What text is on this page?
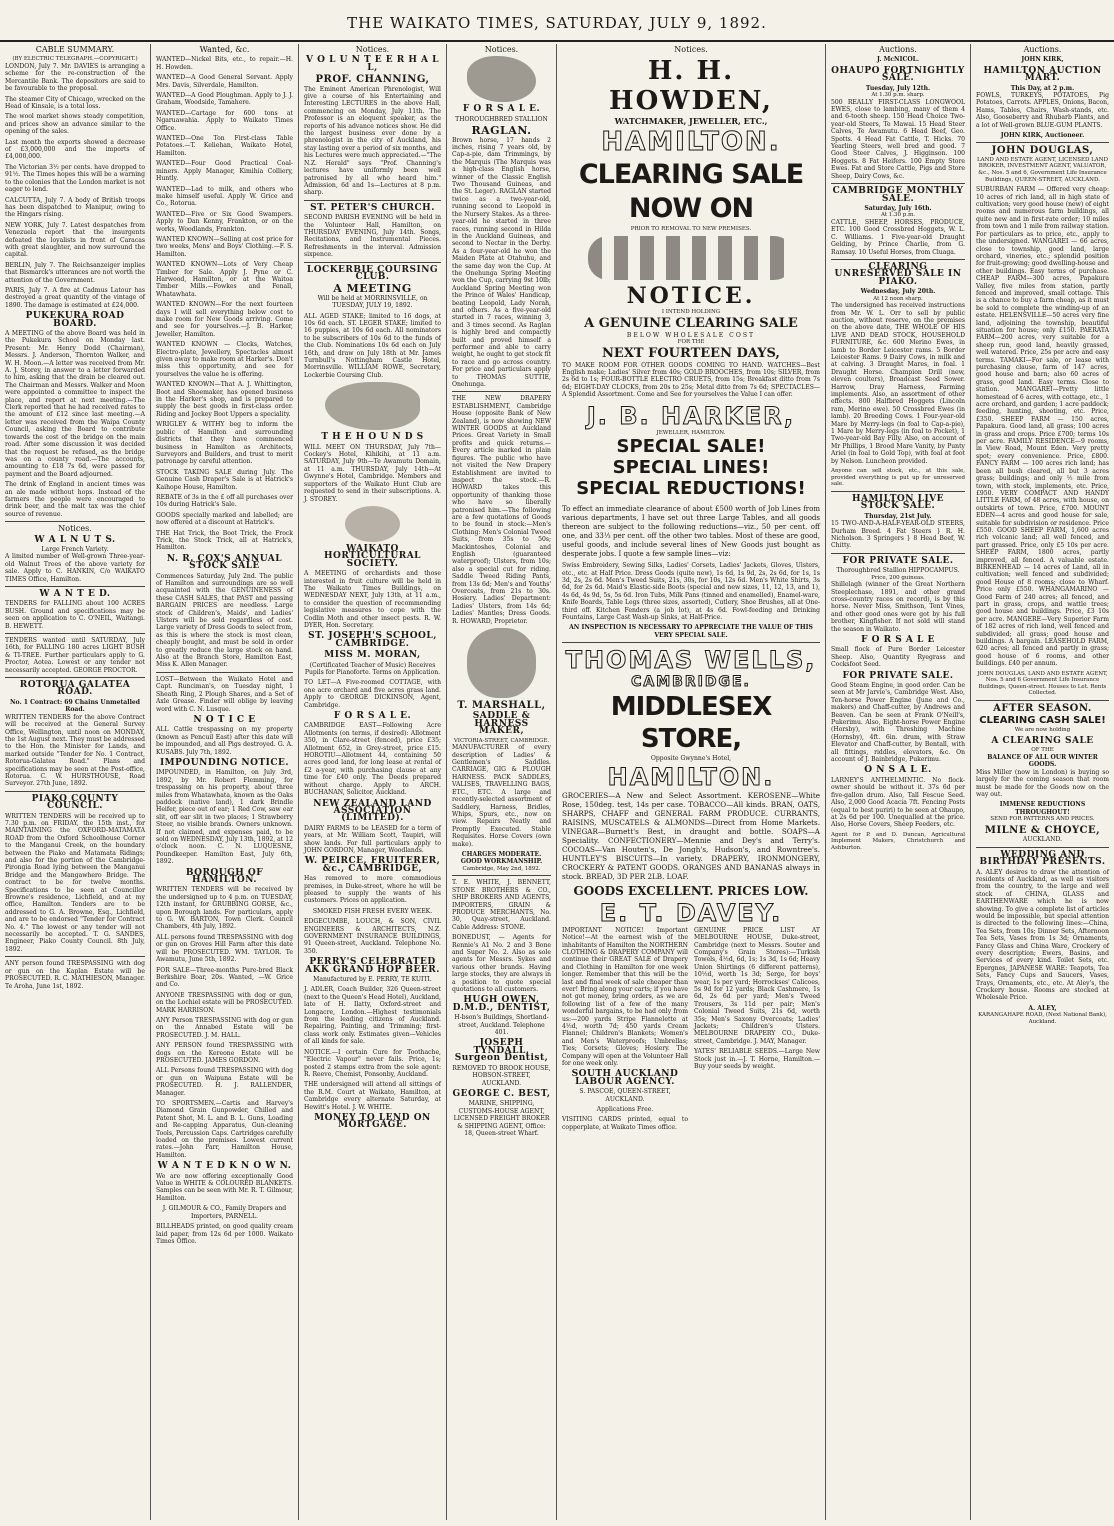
THE WAIKATO TIMES, SATURDAY, JULY 9, 1892.
CABLE SUMMARY.
(BY ELECTRIC TELEGRAPH.—COPYRIGHT.)

LONDON, July 7. Mr. DAVIES is arranging a scheme for the re-construction of the Mercantile Bank. The depositors are said to be favourable to the proposal.

The steamer City of Chicago, wrecked on the Head of Kinsale, is a total loss.

The wool market shows steady competition, and prices show an advance similar to the opening of the sales.

Last month the exports showed a decrease of £3,000,000 and the imports of £4,000,000.

The Victorian 3½ per cents. have dropped to 91½. The Times hopes this will be a warning to the colonies that the London market is not eager to lend.

CALCUTTA, July 7. A body of British troops has been dispatched to Manipur, owing to the Hingars rising.

NEW YORK, July 7. Latest despatches from Venezuela report that the insurgents defeated the loyalists in front of Caracas with great slaughter, and now surround the capital.

BERLIN, July 7. The Reichsanzeiger implies that Bismarck's utterances are not worth the attention of the Government.

PARIS, July 7. A fire at Cadmus Latour has destroyed a great quantity of the vintage of 1890. The damage is estimated at £24,000.

PUKEKURA ROAD BOARD.

A MEETING of the above Board was held in the Pukekura School on Monday last. Present: Mr. Henry Dodd (Chairman), Messrs. J. Anderson, Thornton Walker, and W. H. Moon.—A letter was received from Mr. A. J. Storey, in answer to a letter forwarded to him, asking that the drain be cleared out. The Chairman and Messrs. Walker and Moon were appointed a committee to inspect the place, and report at next meeting.—The Clerk reported that he had received rates to the amount of £12 since last meeting.—A letter was received from the Waipa County Council, asking the Board to contribute towards the cost of the bridge on the main road. After some discussion it was decided that the request be refused, as the bridge was on a county road.—The accounts, amounting to £18 7s 6d, were passed for payment and the Board adjourned.

The drink of England in ancient times was an ale made without hops. Instead of the farmers the people were encouraged to drink beer, and the malt tax was the chief source of revenue.

Notices.
W A L N U T S.
Large French Variety.

A limited number of Well-grown Three-year-old Walnut Trees of the above variety for sale. Apply to C. HANKIN, C/o WAIKATO TIMES Office, Hamilton.

W A N T E D.

TENDERS for FALLING about 100 ACRES BUSH. Ground and specifications may be seen on application to C. O'NEIL, Waitangi. B. HEWETT.

TENDERS wanted until SATURDAY, July 16th, for FALLING 180 acres LIGHT BUSH & TI-TREE. Further particulars apply to G. Proctor, Aotea. Lowest or any tender not necessarily accepted. GEORGE PROCTOR.

ROTORUA GALATEA ROAD.
No. 1 Contract: 69 Chains Unmetalled Road.

WRITTEN TENDERS for the above Contract will be received at the General Survey Office, Wellington, until noon on MONDAY, the 1st August next. They must be addressed to the Hon. the Minister for Lands, and marked outside "Tender for No. 1 Contract, Rotorua-Galatea Road." Plans and specifications may be seen at the Post-office, Rotorua. C. W. HURSTHOUSE, Road Surveyor. 27th June, 1892.

PIAKO COUNTY COUNCIL.

WRITTEN TENDERS will be received up to 7.30 p.m. on FRIDAY, the 15th inst., for MAINTAINING the OXFORD-MATAMATA ROAD from the Oxford Schoolhouse Corner to the Manganui Creek, on the boundary between the Piako and Matamata Ridings; and also for the portion of the Cambridge-Pirongia Road lying between the Manganui Bridge and the Mangawhero Bridge. The contract to be for twelve months. Specifications to be seen at Councillor Browne's residence, Lichfield, and at my office, Hamilton. Tenders are to be addressed to G. A. Browne, Esq., Lichfield, and are to be endorsed "Tender for Contract No. 4." The lowest or any tender will not necessarily be accepted. T. G. SANDES, Engineer, Piako County Council. 8th July, 1892.

ANY person found TRESPASSING with dog or gun on the Kaplan Estate will be PROSECUTED. R. C. MATHIESON, Manager. Te Aroha, June 1st, 1892.

Wanted, &c.

WANTED—Nickel Bits, etc., to repair.—H. H. Howden.

WANTED—A Good General Servant. Apply Mrs. Davis, Silverdale, Hamilton.

WANTED—A Good Ploughman. Apply to J. J. Graham, Woodside, Tamahere.

WANTED—Cartage for 600 tons at Ngaruawahia. Apply to Waikato Times Office.

WANTED—One Ton First-class Table Potatoes.—T. Keliehan, Waikato Hotel, Hamilton.

WANTED—Four Good Practical Coal-miners. Apply Manager, Kimihia Colliery, Huntly.

WANTED—Lad to milk, and others who make himself useful. Apply W. Grice and Co., Rotorua.

WANTED—Five or Six Good Swampers. Apply to Dan Kenny, Frankton, or on the works, Woodlands, Frankton.

WANTED KNOWN—Selling at cost price for two weeks, Mens' and Boys' Clothing.—F. S. Hamilton.

WANTED KNOWN—Lots of Very Cheap Timber for Sale. Apply J. Pyne or C. Harwood, Hamilton, or at the Waitoa Timber Mills.—Fowkes and Fenall, Whatawhata.

WANTED KNOWN—For the next fourteen days I will sell everything below cost to make room for New Goods arriving. Come and see for yourselves.—J. B. Harker, Jeweller, Hamilton.

WANTED KNOWN — Clocks, Watches, Electro-plate, Jewellery, Spectacles almost given away to make room at Harker's. Don't miss this opportunity, and see for yourselves the value he is offering.

WANTED KNOWN—That A. J. Whittington, Boot and Shoemaker, has opened business in the Harker's shop, and is prepared to supply the best goods in first-class order. Riding and Jockey Boot Uppers a speciality.

WRIGLEY & WITHY beg to inform the public of Hamilton and surrounding districts that they have commenced business in Hamilton as Architects, Surveyors and Builders, and trust to merit patronage by careful attention.

STOCK TAKING SALE during July. The Genuine Cash Draper's Sale is at Hatrick's Kaihope House, Hamilton.

REBATE of 3s in the £ off all purchases over 10s during Hatrick's Sale.

GOODS specially marked and labelled; are now offered at a discount at Hatrick's.

THE Hat Trick, the Boot Trick, the Frock Trick, the Stock Trick, all at Hatrick's, Hamilton.

N. R. COX'S ANNUAL STOCK SALE

Commences Saturday, July 2nd. The public of Hamilton and surroundings are so well acquainted with the GENUINENESS of these CASH SALES, that PAST and passing BARGAIN PRICES are needless. Large stock of Children's, Maids', and Ladies' Ulsters will be sold regardless of cost. Large variety of Dress Goods to select from, as this is where the stock is most clean, cheaply bought, and must be sold in order to greatly reduce the large stock on hand. Also at the Branch Store, Hamilton East, Miss K. Allen Manager.

LOST—Between the Waikato Hotel and Capt. Runciman's, on Tuesday night, 1 Sheath Ring, 2 Plough Shares, and a Set of Axle Grease. Finder will oblige by leaving word with C. N. Lusque.

N O T I C E

ALL Cattle trespassing on my property (known as Pencuil East) after this date will be impounded, and all Pigs destroyed. G. A. KUSABS. July 7th, 1892.

IMPOUNDING NOTICE.

IMPOUNDED, in Hamilton, on July 3rd, 1892, by Mr. Robert Flemming, for trespassing on his property, about three miles from Whatawhata, known as the Oaks paddock (native land), 1 dark Brindle Heifer, piece out of ear; 1 Red Cow, saw ear slit, off ear slit in two places; 1 Strawberry Steer, no visible brands. Owners unknown. If not claimed, and expenses paid, to be sold on WEDNESDAY, July 13th, 1892, at 12 o'clock noon. C. N. LUQUESNE, Poundkeeper. Hamilton East, July 6th, 1892.

BOROUGH OF HAMILTON.

WRITTEN TENDERS will be received by the undersigned up to 4 p.m. on TUESDAY, 12th instant, for GRUBBING GORSE, &c., upon Borough lands. For particulars, apply to G. W. BARTON, Town Clerk. Council Chambers, 4th July, 1892.

ALL persons found TRESPASSING with dog or gun on Groves Hill Farm after this date will be PROSECUTED. WM. TAYLOR. Te Awamutu, June 5th, 1892.

FOR SALE—Three-months Pure-bred Black Berkshire Boar, 20s. Wanted, —W. Grice and Co.

ANYONE TRESPASSING with dog or gun, on the Lochiel estate will be PROSECUTED. MARK HARRISON.

ANY Person TRESPASSING with dog or gun on the Annabed Estate will be PROSECUTED. J. M. HALL.

ANY PERSON found TRESPASSING with dogs on the Kereone Estate will be PROSECUTED. JAMES GORDON.

ALL Persons found TRESPASSING with dog or gun on Waipuna Estate will be PROSECUTED. H. J. RALLENDER, Manager.

TO SPORTSMEN.—Cartis and Harvey's Diamond Grain Gunpowder, Chilled and Patent Shot, M. L. and B. L. Guns, Loading and Re-capping Apparatus, Gun-cleaning Tools, Percussion Caps. Cartridges carefully loaded on the premises. Lowest current rates.—John Parr, Hamilton House, Hamilton.

W A N T E D K N O W N.

We are now offering exceptionally Good Value in WHITE & COLOURED BLANKETS. Samples can be seen with Mr. R. T. Gilmour, Hamilton.

J. GILMOUR & CO., Family Drapers and Importers, PARNELL.

BILLHEADS printed, on good quality cream laid paper, from 12s 6d per 1000. Waikato Times Office.

Notices.
V O L U N T E E R H A L L,
PROF. CHANNING,

The Eminent American Phrenologist, Will give a course of his Entertaining and Interesting LECTURES in the above Hall, commencing on Monday, July 11th. The Professor is an eloquent speaker, as the reports of his advance notices show. He did the largest business ever done by a phrenologist in the city of Auckland, his stay lasting over a period of six months, and his Lectures were much appreciated.—"The N.Z. Herald" says "Prof. Channing's lectures have uniformly been well patronised by all who heard him." Admission, 6d and 1s—Lectures at 8 p.m. sharp.

ST. PETER'S CHURCH.

SECOND PARISH EVENING will be held in the Volunteer Hall, Hamilton, on THURSDAY EVENING, July 14th. Songs, Recitations, and Instrumental Pieces. Refreshments in the interval. Admission sixpence.

LOCKERBIE COURSING CLUB.
A MEETING

Will be held at MORRINSVILLE, on TUESDAY, JULY 19, 1892.

ALL AGED STAKE; limited to 16 dogs, at 10s 6d each. ST. LEGER STAKE; limited to 16 puppies, at 10s 6d each. All nominators to be subscribers of 10s 6d to the funds of the Club. Nominations 10s 6d each on July 16th, and draw on July 18th at Mr. James Turnbull's Nottingham Castle Hotel, Morrinsville. WILLIAM ROWE, Secretary, Lockerbie Coursing Club.

T H E H O U N D S

WILL MEET ON THURSDAY, July 7th—Cockey's Hotel, Kihikihi, at 11 a.m. SATURDAY, July 9th—Te Awamutu Domain, at 11 a.m. THURSDAY, July 14th—At Gwynne's Hotel, Cambridge. Members and supporters of the Waikato Hunt Club are requested to send in their subscriptions. A. J. STOREY.

WAIKATO HORTICULTURAL SOCIETY.

A MEETING of orchardists and those interested in fruit culture will be held in The Waikato Times Buildings, on WEDNESDAY NEXT, July 13th, at 11 a.m., to consider the question of recommending legislative measures to cope with the Codlin Moth and other insect pests. R. W. DYER, Hon. Secretary.

ST. JOSEPH'S SCHOOL, CAMBRIDGE.
MISS M. MORAN,

(Certificated Teacher of Music) Receives Pupils for Pianoforte. Terms on Application.

TO LET—A Five-roomed COTTAGE, with one acre orchard and five acres grass land. Apply to GEORGE DICKINSON, Agent, Cambridge.

F O R S A L E.

CAMBRIDGE EAST—Following Acre Allotments (on terms, if desired): Allotment 350, in Clare-street (fenced), price £35; Allotment 652, in Grey-street, price £15. HOROTIU—Allotment 44, containing 50 acres good land, for long lease at rental of £2 a-year, with purchasing clause at any time for £40 only. The Deeds prepared without charge. Apply to ARCH. BUCHANAN, Solicitor, Auckland.

NEW ZEALAND LAND ASSOCIATION (LIMITED).

DAIRY FARMS to be LEASED for a term of years, at Mr. William Scott, Taupiri, will show lands. For full particulars apply to JOHN GORDON, Manager, Woodlands.

W. PEIRCE, FRUITERER, &c., CAMBRIDGE,

Has removed to more commodious premises, in Duke-street, where he will be pleased to supply the wants of his customers. Prices on application.

SMOKED FISH FRESH EVERY WEEK.

EDGECUMBE, LOUCH, & SON, CIVIL ENGINEERS & ARCHITECTS, N.Z. GOVERNMENT INSURANCE BUILDINGS, 91 Queen-street, Auckland. Telephone No. 350.

PERRY'S CELEBRATED AKK GRAND HOP BEER.

Manufactured by E. PERRY, TE KUITI.

J. ADLER, Coach Builder, 326 Queen-street (next to the Queen's Head Hotel), Auckland, late of H. Ilatty, Oxford-street and Longacre, London.—Highest testimonials from the leading citizens of Auckland. Repairing, Painting, and Trimming; first-class work only. Estimates given—Vehicles of all kinds for sale.

NOTICE.—I certain Cure for Toothache, "Electric Vapour" never fails. Price, 1s; posted 2 stamps extra from the sole agent: R. Reeve, Chemist, Ponsonby, Auckland.

THE undersigned will attend all sittings of the R.M. Court at Waikato, Hamilton, at Cambridge every alternate Saturday, at Hewitt's Hotel. J. W. WHITE.

MONEY TO LEND ON MORTGAGE.
Notices.
F O R S A L E.
THOROUGHBRED STALLION
RAGLAN.

Brown horse, 17 hands 2 inches, rising 7 years old, by Cap-a-pie, dam Trimmings, by the Marquis (The Marquis was a high-class English horse, winner of the Classic English Two Thousand Guineas, and the St. Leger). RAGLAN started twice as a two-year-old, running second to Leopold in the Nursery Stakes. As a three-year-old he started in three races, running second in Hilda in the Auckland Guineas, and second to Nectar in the Derby. As a four-year-old he won the Maiden Plate at Otahuhu, and the same day won the Cup. At the Onehunga Spring Meeting won the Cup, carrying 9st 10lb; Auckland Spring Meeting won the Prince of Wales' Handicap, beating Leopold, Lady Norah, and others. As a five-year-old started in 7 races, winning 3, and 3 times second. As Raglan is highly bred and compactly built and proved himself a performer and able to carry weight, he ought to get stock fit to race and go across country. For price and particulars apply to THOMAS SUTTIE, Onehunga.

THE NEW DRAPERY ESTABLISHMENT, Cambridge House (opposite Bank of New Zealand), is now showing NEW WINTER GOODS at Auckland Prices. Great Variety in Small profits and quick returns.—Every article marked in plain figures. The public who have not visited the New Drapery Establishment are invited to inspect the stock.—R. HOWARD takes this opportunity of thanking those who have so liberally patronised him.—The following are a few quotations of Goods to be found in stock:—Men's Clothing: Men's Colonial Tweed Suits, from 35s to 50s; Mackintoshes, Colonial and English (guaranteed waterproof); Ulsters, from 10s; also a special cut for riding. Saddle Tweed Riding Pants, from 13s 6d; Men's and Youths' Overcoats, from 21s to 30s. Hosiery. Ladies' Department: Ladies' Ulsters, from 14s 6d; Ladies' Mantles; Dress Goods. R. HOWARD, Proprietor.

T. MARSHALL,
SADDLE & HARNESS MAKER,
VICTORIA-STREET, CAMBRIDGE.

MANUFACTURER of every description of Ladies' & Gentlemen's Saddles. CARRIAGE, GIG & PLOUGH HARNESS. PACK SADDLES, VALISES, TRAVELLING BAGS, ETC., ETC. A large and recently-selected assortment of Saddlery, Harness, Bridles, Whips, Spurs, etc., now on view. Repairs Neatly and Promptly Executed. Stable Requisites. Horse Covers (own make).

CHARGES MODERATE. GOOD WORKMANSHIP.
Cambridge, May 2nd, 1892.

T. E. WHITE, J. BENNETT, STONE BROTHERS & CO., SHIP BROKERS AND AGENTS, IMPORTERS, GRAIN & PRODUCE MERCHANTS, No. 30, Quay-street, Auckland. Cable Address: STONE.

BONEDUST, — Agents for Rennie's A1 No. 2 and 3 Bone and Super No. 2. Also as sole agents for Messrs. Sykes and various other brands. Having large stocks, they are always in a position to quote special quotations to all customers.

HUGH OWEN, D.M.D., DENTIST,

H-bson's Buildings, Shortland-street, Auckland. Telephone 401.

JOSEPH TYNDALL, Surgeon Dentist,

REMOVED TO BROOK HOUSE, HOBSON-STREET, AUCKLAND.

GEORGE C. BEST,

MARINE, SHIPPING, CUSTOMS-HOUSE AGENT, LICENSED FREIGHT BROKER & SHIPPING AGENT, Office: 18, Queen-street Wharf.

Notices.
H. H. HOWDEN,
WATCHMAKER, JEWELLER, ETC.,
HAMILTON.
CLEARING SALE NOW ON
PRIOR TO REMOVAL TO NEW PREMISES.
NOTICE.
I INTEND HOLDING
A GENUINE CLEARING SALE
BELOW WHOLESALE COST
FOR THE
NEXT FOURTEEN DAYS,

TO MAKE ROOM FOR OTHER GOODS COMING TO HAND. WATCHES—Best English make; Ladies' Silver from 40s; GOLD BROOCHES, from 10s; SILVER, from 2s 6d to 1s; FOUR-BOTTLE ELECTRO CRUETS, from 15s; Breakfast ditto from 7s 6d; EIGHT-DAY CLOCKS, from 20s to 25s; Metal ditto from 7s 6d; SPECTACLES—A Splendid Assortment. Come and See for yourselves the Value I can offer.

J. B. HARKER,
JEWELLER, HAMILTON.
SPECIAL SALE!
SPECIAL LINES!
SPECIAL REDUCTIONS!

To effect an immediate clearance of about £500 worth of Job Lines from various departments, I have set out three Large Tables, and all goods thereon are subject to the following reductions—viz., 50 per cent. off one, and 33⅓ per cent. off the other two tables. Most of these are good, useful goods, and include several lines of New Goods just bought as desperate jobs. I quote a few sample lines—viz:

Swiss Embroidery, Sewing Silks, Ladies' Corsets, Ladies' Jackets, Gloves, Ulsters, etc., etc. at Half Price. Dress Goods (quite new), 1s 6d, 1s 9d, 2s, 2s 6d, for 1s, 1s 3d, 2s, 2s 6d. Men's Tweed Suits, 21s, 30s, for 10s, 12s 6d. Men's White Shirts, 3s 6d, for 2s 6d. Maid's Elastic-side Boots (special and new sizes, 11, 12, 13, and 1), 4s 6d, 4s 9d, 5s, 5s 6d. Iron Tubs, Milk Pans (tinned and enamelled), Enamel-ware, Knife Boards, Table Legs (three sizes, assorted), Cutlery, Shoe Brushes, all at One-third off. Kitchen Fenders (a job lot), at 4s 6d. Fowl-feeding and Drinking Fountains, Large Cast Wash-up Sinks, at Half-Price.

AN INSPECTION IS NECESSARY TO APPRECIATE THE VALUE OF THIS VERY SPECIAL SALE.
THOMAS WELLS,
CAMBRIDGE.
MIDDLESEX STORE,
Opposite Gwynne's Hotel,
HAMILTON.

GROCERIES—A New and Select Assortment. KEROSENE—White Rose, 150deg. test, 14s per case. TOBACCO—All kinds. BRAN, OATS, SHARPS, CHAFF and GENERAL FARM PRODUCE. CURRANTS, RAISINS, MUSCATELS & ALMONDS—Direct from Home Markets. VINEGAR—Burnett's Best, in draught and bottle. SOAPS—A Speciality. CONFECTIONERY—Mennie and Dey's and Terry's. COCOAS—Van Houten's, De Jongh's, Hudson's, and Rowntree's. HUNTLEY'S BISCUITS—In variety. DRAPERY, IRONMONGERY, CROCKERY & PATENT GOODS. ORANGES AND BANANAS always in stock. BREAD, 3D PER 2LB. LOAF.

GOODS EXCELLENT. PRICES LOW.
E. T. DAVEY.

IMPORTANT NOTICE! Important Notice!—At the earnest wish of the inhabitants of Hamilton the NORTHERN CLOTHING & DRAPERY COMPANY will continue their GREAT SALE of Drapery and Clothing in Hamilton for one week longer. Remember that this will be the last and final week of sale cheaper than ever! Bring along your carts; if you have not got money, bring orders, as we are following list of a few of the many wonderful bargains, to be had only from us:—200 yards Stripe Flannelette at 4½d, worth 7d; 450 yards Cream Flannel; Children's Blankets; Women's and Men's Waterproofs; Umbrellas; Ties; Corsets; Gloves; Hosiery. The Company will open at the Volunteer Hall for one week only.

SOUTH AUCKLAND LABOUR AGENCY.

S. PASCOE, QUEEN-STREET, AUCKLAND.

Applications Free.

VISITING CARDS printed, equal to copperplate, at Waikato Times office.

GENUINE PRICE LIST AT MELBOURNE HOUSE, Duke-street, Cambridge (next to Messrs. Souter and Company's Grain Stores):—Turkish Towels, 4½d, 6d, 1s; 1s 3d, 1s 6d; Heavy Union Shirtings (6 different patterns), 10½d, worth 1s 3d; Serge, for boys' wear, 1s per yard; Horrockses' Calicoes, 5s 9d for 12 yards; Black Cashmere, 1s 6d, 2s 6d per yard; Men's Tweed Trousers, 3s 11d per pair; Men's Colonial Tweed Suits, 21s 6d, worth 35s; Men's Saxony Overcoats; Ladies' Jackets; Children's Ulsters. MELBOURNE DRAPERY CO., Duke-street, Cambridge. J. MAY, Manager.

YATES' RELIABLE SEEDS.—Large New Stock just in.—J. T. Horne, Hamilton.—Buy your seeds by weight.

Auctions.
J. McNICOL.
OHAUPO FORTNIGHTLY SALE.
Tuesday, July 12th.
At 1.30 p.m. sharp.

500 REALLY FIRST-CLASS LONGWOOL EWES, close to lambing, many of them 4 and 6-tooth sheep. 150 Head Choice Two-year-old Steers, Te Mawai. 15 Head Steer Calves, Te Awamutu. 6 Head Beef, Geo. Spotts. 4 Head Fat Cattle, T. Hicks. 70 Yearling Steers, well bred and good. 7 Good Steer Calves, J. Higginson. 100 Hoggets. 8 Fat Heifers. 100 Empty Store Ewes. Fat and Store Cattle, Pigs and Store Sheep, Dairy Cows, &c.

CAMBRIDGE MONTHLY SALE.
Saturday, July 16th.
At 1.30 p.m.

CATTLE, SHEEP, HORSES, PRODUCE, ETC. 100 Good Crossbred Hoggets, W. L. C. Williams. 1 Five-year-old Draught Gelding, by Prince Charlie, from G. Ramsay. 10 Useful Horses, from Cluaga.

CLEARING UNRESERVED SALE IN PIAKO.
Wednesday, July 20th.
At 12 noon sharp.

The undersigned has received instructions from Mr. W. L. Orr to sell by public auction, without reserve, on the premises on the above date, THE WHOLE OF HIS LIVE AND DEAD STOCK, HOUSEHOLD FURNITURE, &c. 600 Merino Ewes, in lamb to Border Leicester rams. 5 Border Leicester Rams. 9 Dairy Cows, in milk and at calving. 3 Draught Mares, in foal. 1 Draught Horse. Champion Drill (new, eleven coulters), Broadcast Seed Sower. Harrow, Dray Harness, Farming implements. Also, an assortment of other effects. 800 Halfbred Hoggets (Lincoln ram, Merino ewe). 50 Crossbred Ewes (in lamb). 20 Breeding Cows. 1 Four-year-old Mare by Merry-legs (in foal to Cap-a-pie), 1 Mare by Merry-legs (in foal to Pocket), 1 Two-year-old Bay Filly. Also, on account of Mr Phillips, 1 Brood Mare Vanity, by Punty Ariel (in foal to Gold Top), with foal at foot by Nelson. Luncheon provided.

Anyone can sell stock, etc., at this sale, provided everything is put up for unreserved sale.

HAMILTON LIVE STOCK SALE.
Thursday, 21st July.

15 TWO-AND-A-HALF-YEAR-OLD STEERS, Durham Breed. 4 Fat Steers } R. H. Nicholson. 3 Springers } 8 Head Beef, W. Chitty.

FOR PRIVATE SALE.
Thoroughbred Stallion HIPPOCAMPUS.
Price, 200 guineas.

Shillelagh (winner of the Great Northern Steeplechase, 1891, and other grand cross-country races on record), is by this horse. Never Miss, Smithson, Tent Vines, and other good ones were got by his full brother, Kingfisher. If not sold will stand the season in Waikato.

F O R S A L E

Small flock of Pure Border Leicester Sheep. Also, Quantity Ryegrass and Cocksfoot Seed.

FOR PRIVATE SALE.

Good Steam Engine, in good order. Can be seen at Mr Jarvie's, Cambridge West. Also, Ten-horse Power Engine (June and Co., makers) and Chaff-cutter, by Andrews and Beaven. Can be seen at Frank O'Neill's, Pukerimu. Also, Eight-horse Power Engine (Horsby), with Threshing Machine (Hornsby), 4ft. 6in. drum, with Straw Elevator and Chaff-cutter, by Bentall, with all fittings, riddles, elevators, &c. On account of J. Bainbridge, Pukerimu.

O N S A L E.

LARNEY'S ANTHELMINTIC. No flock-owner should be without it. 37s 6d per five-gallon drum. Also, Tall Fescue Seed. Also, 2,000 Good Acacia 7ft. Fencing Posts (equal to best puriri) to be seen at Ohaupo, at 2s 6d per 100. Unequalled at the price. Also, Horse Covers, Sheep Feeders, etc.

Agent for P. and D. Duncan, Agricultural Implement Makers, Christchurch and Ashburton.

Auctions.
JOHN KIRK,
HAMILTON AUCTION MART.
This Day, at 2 p.m.

FOWLS, TURKEYS, POTATOES, Pig Potatoes, Carrots. APPLES, Onions, Bacon, Hams, Tables, Chairs, Wash-stands, etc. Also, Gooseberry and Rhubarb Plants, and a lot of Well-grown BLUE-GUM PLANTS.

JOHN KIRK, Auctioneer.
JOHN DOUGLAS,

LAND AND ESTATE AGENT, LICENSED LAND BROKER, INVESTMENT AGENT, VALUATOR, &c., Nos. 5 and 6, Government Life Insurance Buildings, QUEEN-STREET, AUCKLAND.

SUBURBAN FARM — Offered very cheap: 10 acres of rich land, all in high state of cultivation; very good house (new) of eight rooms and numerous farm buildings, all quite new and in first-rate order; 10 miles from town and 1 mile from railway station. For particulars as to price, etc., apply to the undersigned. WANGAREI — 66 acres, close to township, good land, large orchard, vineries, etc.; splendid position for fruit-growing; good dwelling-house and other buildings. Easy terms of purchase. CHEAP FARM—300 acres, Papakura Valley, five miles from station, partly fenced and improved, small cottage. This is a chance to buy a farm cheap, as it must be sold to complete the winding-up of an estate. HELENSVILLE—50 acres very fine land, adjoining the township, beautiful situation for house; only £150. PAERATA FARM—200 acres, very suitable for a sheep run, good land, heavily grassed, well watered. Price, 25s per acre and easy terms. TAMAKI—For sale, or lease with purchasing clause, farm of 147 acres, good house and barn; also 60 acres of grass, good land. Easy terms. Close to station. MANGAREI—Pretty little homestead of 6 acres, with cottage, etc., 1 acre orchard, and garden; 1 acre paddock; feeding, hunting, shooting, etc. Price, £350. SHEEP FARM — 150 acres, Papakura. Good land, all grass; 100 acres in grass and crops. Price £700; terms 10s per acre. FAMILY RESIDENCE—9 rooms, in View Road, Mount Eden. Very pretty spot; every convenience. Price, £800. FANCY FARM — 100 acres rich land; has been all bush cleared, all but 3 acres grass; buildings; and only ½ mile from town, with stock, implements, etc. Price, £950. VERY COMPACT AND HANDY LITTLE FARM, of 48 acres, with house, on outskirts of town. Price, £700. MOUNT EDEN—4 acres and good house for sale, suitable for subdivision or residence. Price £550. GOOD SHEEP FARM, 1,600 acres rich volcanic land; all well fenced, and part grassed. Price, only £5 10s per acre. SHEEP FARM, 1800 acres, partly improved, all fenced. A valuable estate. BIRKENHEAD — 14 acres of Land, all in cultivation; well fenced and subdivided; good House of 8 rooms; close to Wharf. Price only £550. WHANGAMARINO — Good Farm of 240 acres; all fenced, and part in grass, crops, and wattle trees; good house and buildings. Price, £3 10s per acre. MANGERE—Very Superior Farm of 182 acres of rich land, well fenced and subdivided; all grass; good house and buildings. A bargain. LEASEHOLD FARM, 620 acres; all fenced and partly in grass; good house of 6 rooms, and other buildings. £40 per annum.

JOHN DOUGLAS, LAND AND ESTATE AGENT, Nos. 5 and 6 Government Life Insurance Buildings, Queen-street. Houses to Let. Rents Collected.

AFTER SEASON.
CLEARING CASH SALE!
We are now holding
A CLEARING SALE
OF THE
BALANCE OF ALL OUR WINTER GOODS.

Miss Miller (now in London) is buying so largely for the coming season that room must be made for the Goods now on the way out.

IMMENSE REDUCTIONS THROUGHOUT!
SEND FOR PATTERNS AND PRICES.
MILNE & CHOYCE,
AUCKLAND.
WEDDING AND BIRTHDAY PRESENTS.

A. ALEY desires to draw the attention of residents of Auckland, as well as visitors from the country, to the large and well stock of CHINA, GLASS and EARTHENWARE which he is now showing. To give a complete list of articles would be impossible, but special attention is directed to the following lines:—China, Tea Sets, from 10s; Dinner Sets, Afternoon Tea Sets, Vases from 1s 3d; Ornaments, Fancy Glass and China Ware, Crockery of every description; Ewers, Basins, and Services of every kind. Toilet Sets, etc. Epergnes, JAPANESE WARE: Teapots, Tea Sets, Fancy Cups and Saucers, Vases, Trays, Ornaments, etc., etc. At Aley's, the Crockery house. Rooms are stocked at Wholesale Price.

A. ALEY,
KARANGAHAPE ROAD, (Next National Bank), Auckland.
